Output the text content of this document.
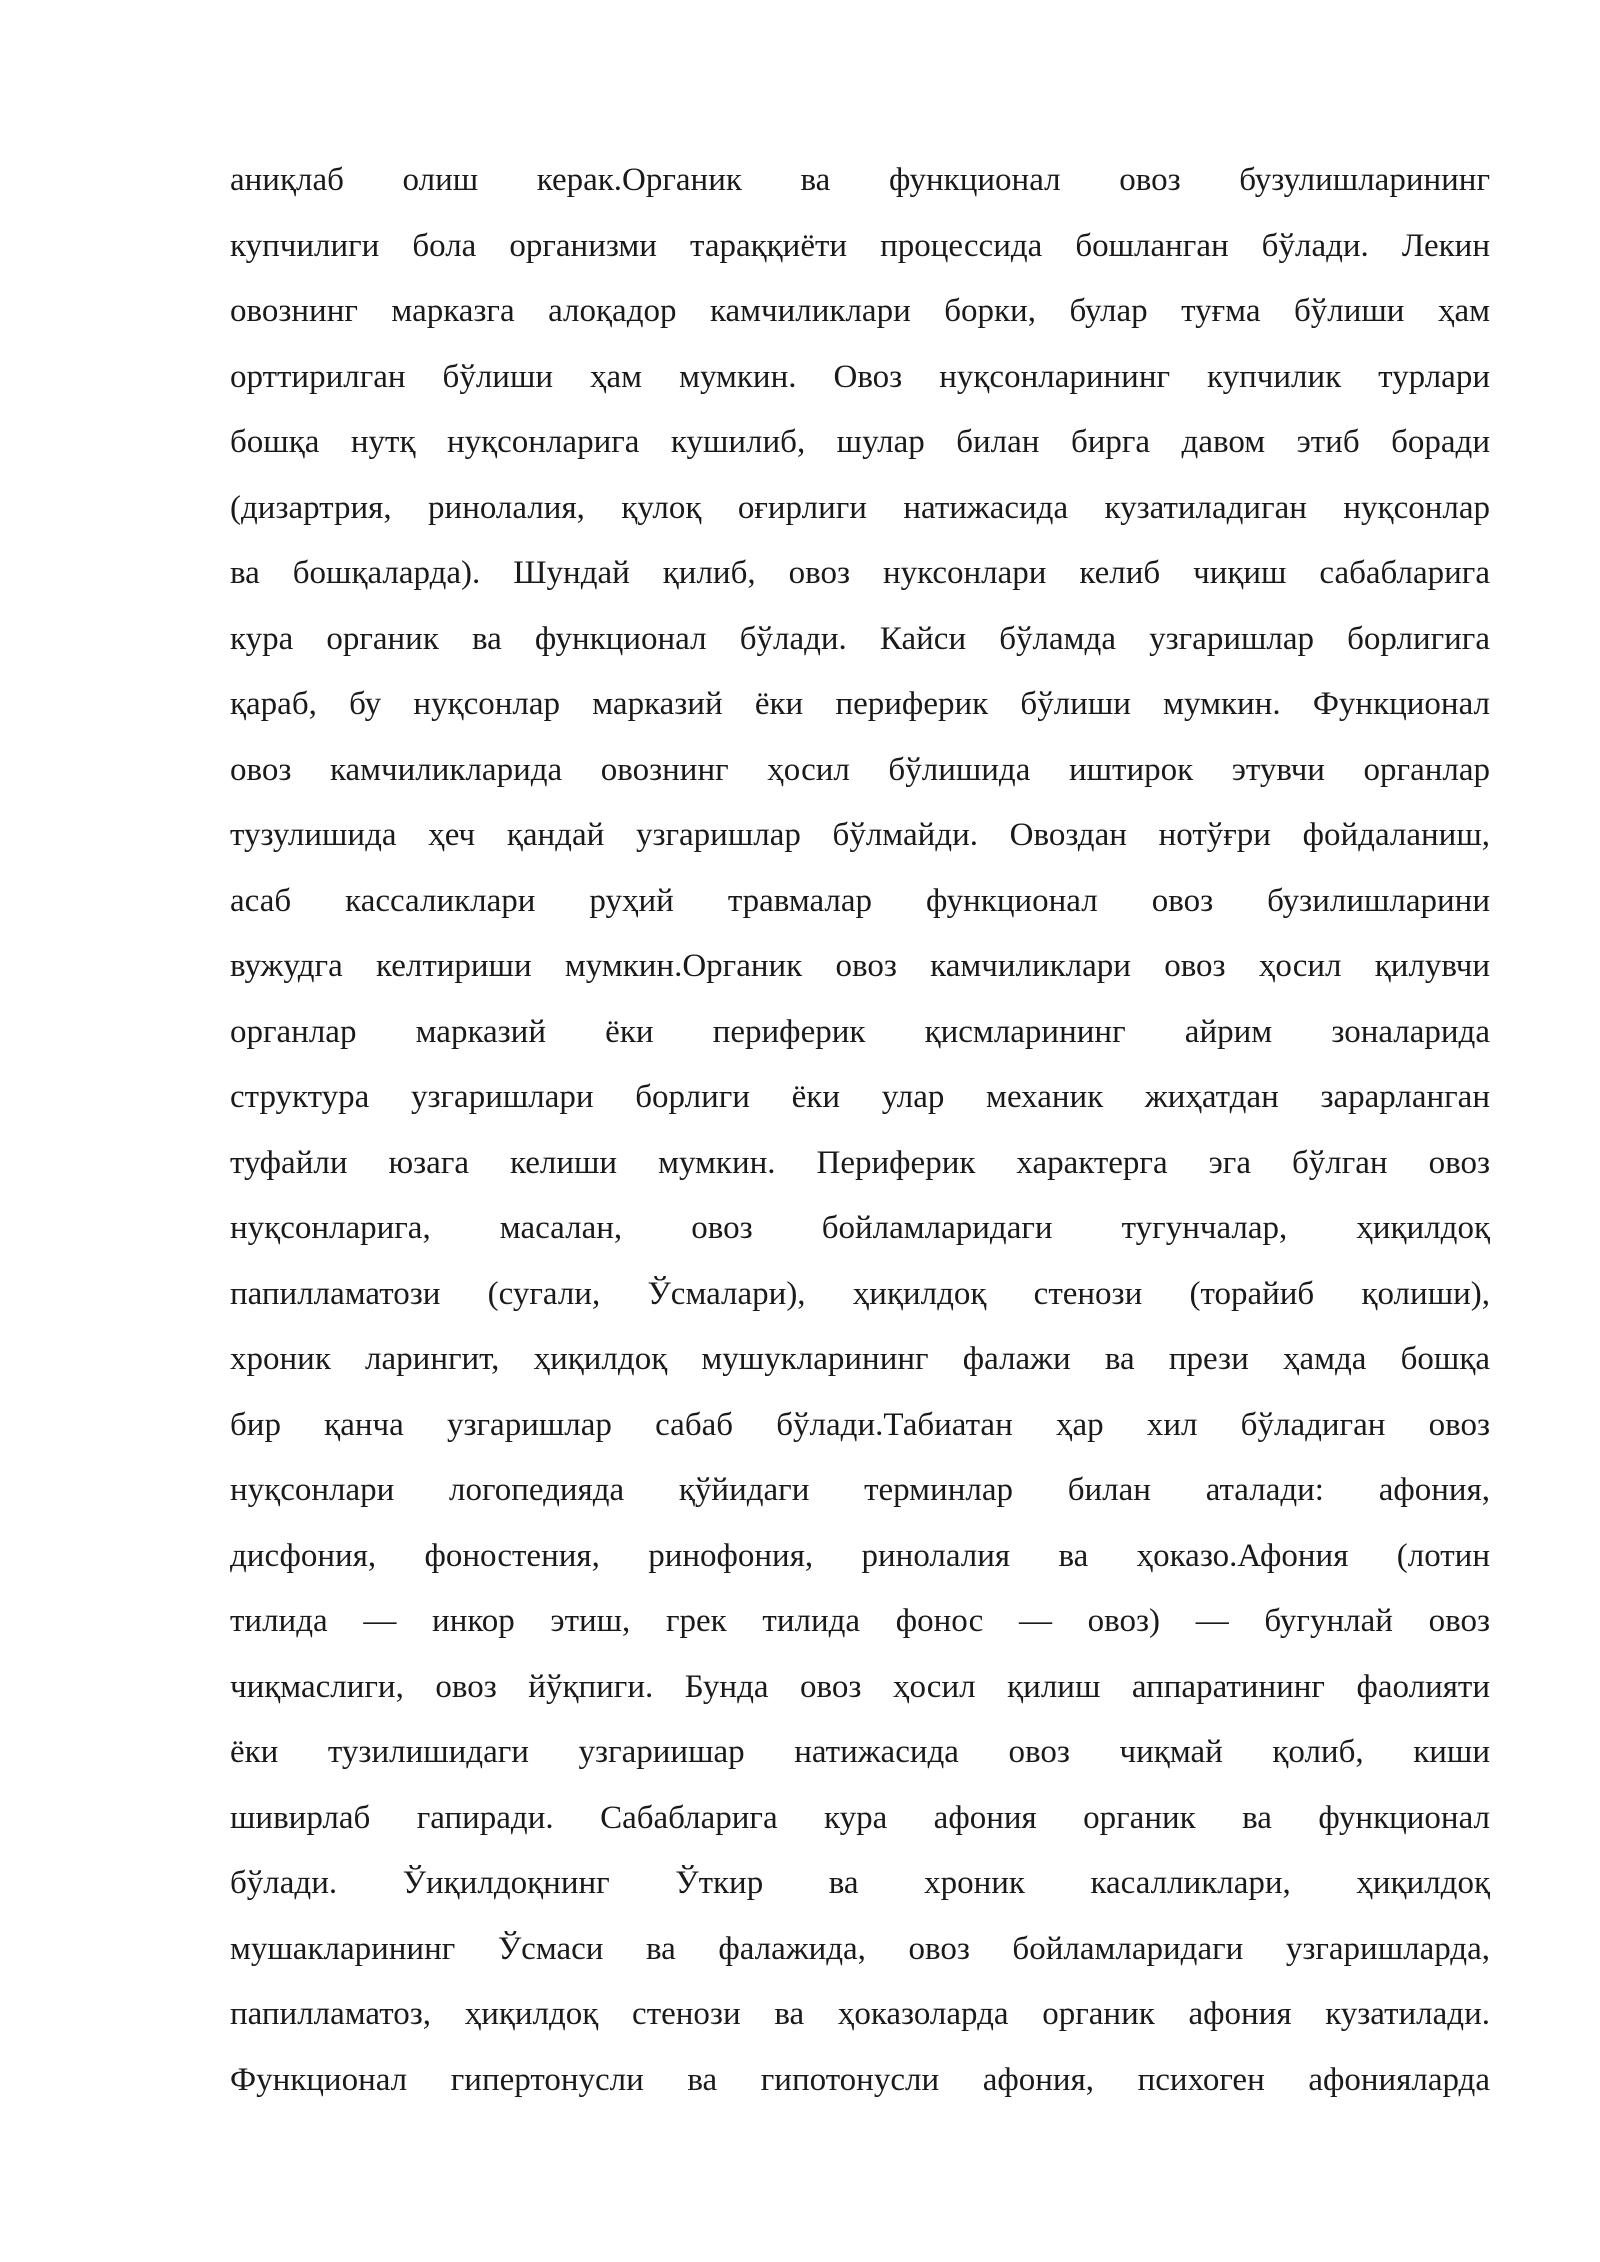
аниқлаб олиш керак.Органик ва функционал овоз бузулишларининг
купчилиги бола организми тараққиёти процессида бошланган бўлади. Лекин
овознинг марказга алоқадор камчиликлари борки, булар туғма бўлиши ҳам
орттирилган бўлиши ҳам мумкин. Овоз нуқсонларининг купчилик турлари
бошқа нутқ нуқсонларига кушилиб, шулар билан бирга давом этиб боради
(дизартрия, ринолалия, қулоқ оғирлиги натижасида кузатиладиган нуқсонлар
ва бошқаларда). Шундай қилиб, овоз нуксонлари келиб чиқиш сабабларига
кура органик ва функционал бўлади. Кайси бўламда узгаришлар борлигига
қараб, бу нуқсонлар марказий ёки периферик бўлиши мумкин. Функционал
овоз камчиликларида овознинг ҳосил бўлишида иштирок этувчи органлар
тузулишида ҳеч қандай узгаришлар бўлмайди. Овоздан нотўғри фойдаланиш,
асаб кассаликлари руҳий травмалар функционал овоз бузилишларини
вужудга келтириши мумкин.Органик овоз камчиликлари овоз ҳосил қилувчи
органлар марказий ёки периферик қисмларининг айрим зоналарида
структура узгаришлари борлиги ёки улар механик жиҳатдан зарарланган
туфайли юзага келиши мумкин. Периферик характерга эга бўлган овоз
нуқсонларига, масалан, овоз бойламларидаги тугунчалар, ҳиқилдоқ
папилламатози (сугали, Ўсмалари), ҳиқилдоқ стенози (торайиб қолиши),
хроник ларингит, ҳиқилдоқ мушукларининг фалажи ва прези ҳамда бошқа
бир қанча узгаришлар сабаб бўлади.Табиатан ҳар хил бўладиган овоз
нуқсонлари логопедияда қўйидаги терминлар билан аталади: афония,
дисфония, фоностения, ринофония, ринолалия ва ҳоказо.Афония (лотин
тилида — инкор этиш, грек тилида фонос — овоз) — бугунлай овоз
чиқмаслиги, овоз йўқпиги. Бунда овоз ҳосил қилиш аппаратининг фаолияти
ёки тузилишидаги узгариишар натижасида овоз чиқмай қолиб, киши
шивирлаб гапиради. Сабабларига кура афония органик ва функционал
бўлади. Ўиқилдоқнинг Ўткир ва хроник касалликлари, ҳиқилдоқ
мушакларининг Ўсмаси ва фалажида, овоз бойламларидаги узгаришларда,
папилламатоз, ҳиқилдоқ стенози ва ҳоказоларда органик афония кузатилади.
Функционал гипертонусли ва гипотонусли афония, психоген афонияларда
